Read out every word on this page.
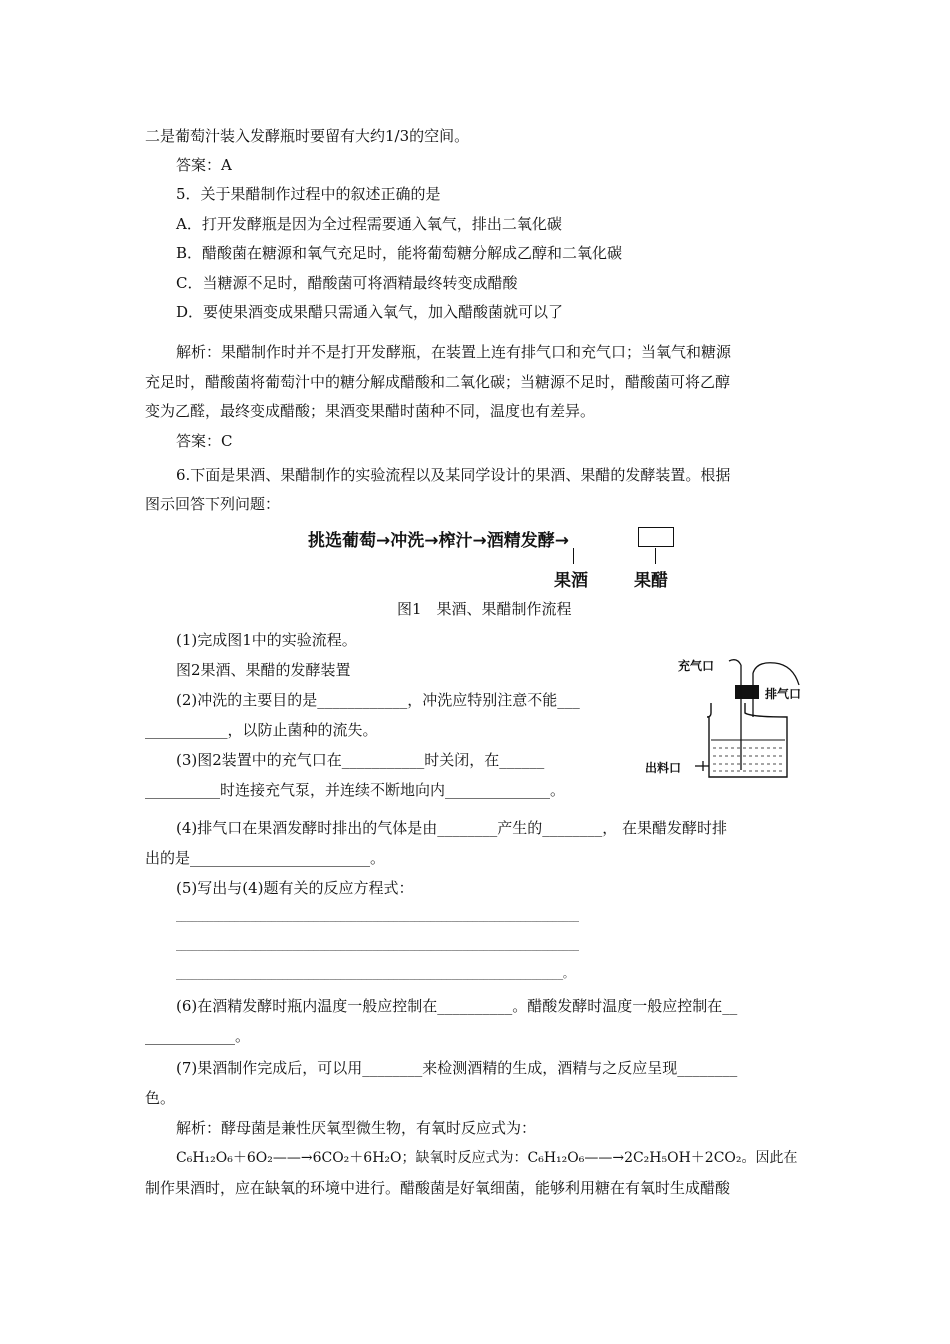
二是葡萄汁装入发酵瓶时要留有大约1/3的空间。
答案：A
5．关于果醋制作过程中的叙述正确的是
A．打开发酵瓶是因为全过程需要通入氧气，排出二氧化碳
B．醋酸菌在糖源和氧气充足时，能将葡萄糖分解成乙醇和二氧化碳
C．当糖源不足时，醋酸菌可将酒精最终转变成醋酸
D．要使果酒变成果醋只需通入氧气，加入醋酸菌就可以了
解析：果醋制作时并不是打开发酵瓶，在装置上连有排气口和充气口；当氧气和糖源
充足时，醋酸菌将葡萄汁中的糖分解成醋酸和二氧化碳；当糖源不足时，醋酸菌可将乙醇
变为乙醛，最终变成醋酸；果酒变果醋时菌种不同，温度也有差异。
答案：C
6.下面是果酒、果醋制作的实验流程以及某同学设计的果酒、果醋的发酵装置。根据
图示回答下列问题：
挑选葡萄→冲洗→榨汁→酒精发酵→
果酒	果醋
图1　果酒、果醋制作流程
(1)完成图1中的实验流程。
图2果酒、果醋的发酵装置
(2)冲洗的主要目的是____________，冲洗应特别注意不能___
___________，以防止菌种的流失。
(3)图2装置中的充气口在___________时关闭，在______
__________时连接充气泵，并连续不断地向内______________。
充气口
排气口
出料口
(4)排气口在果酒发酵时排出的气体是由________产生的________， 在果醋发酵时排
出的是________________________。
(5)写出与(4)题有关的反应方程式：
____________________________________________________________________________
____________________________________________________________________________
_________________________________________________________________________。
(6)在酒精发酵时瓶内温度一般应控制在__________。醋酸发酵时温度一般应控制在__
____________。
(7)果酒制作完成后，可以用________来检测酒精的生成，酒精与之反应呈现________
色。
解析：酵母菌是兼性厌氧型微生物，有氧时反应式为：
C₆H₁₂O₆＋6O₂——→6CO₂＋6H₂O；缺氧时反应式为：C₆H₁₂O₆——→2C₂H₅OH＋2CO₂。因此在
制作果酒时，应在缺氧的环境中进行。醋酸菌是好氧细菌，能够利用糖在有氧时生成醋酸
